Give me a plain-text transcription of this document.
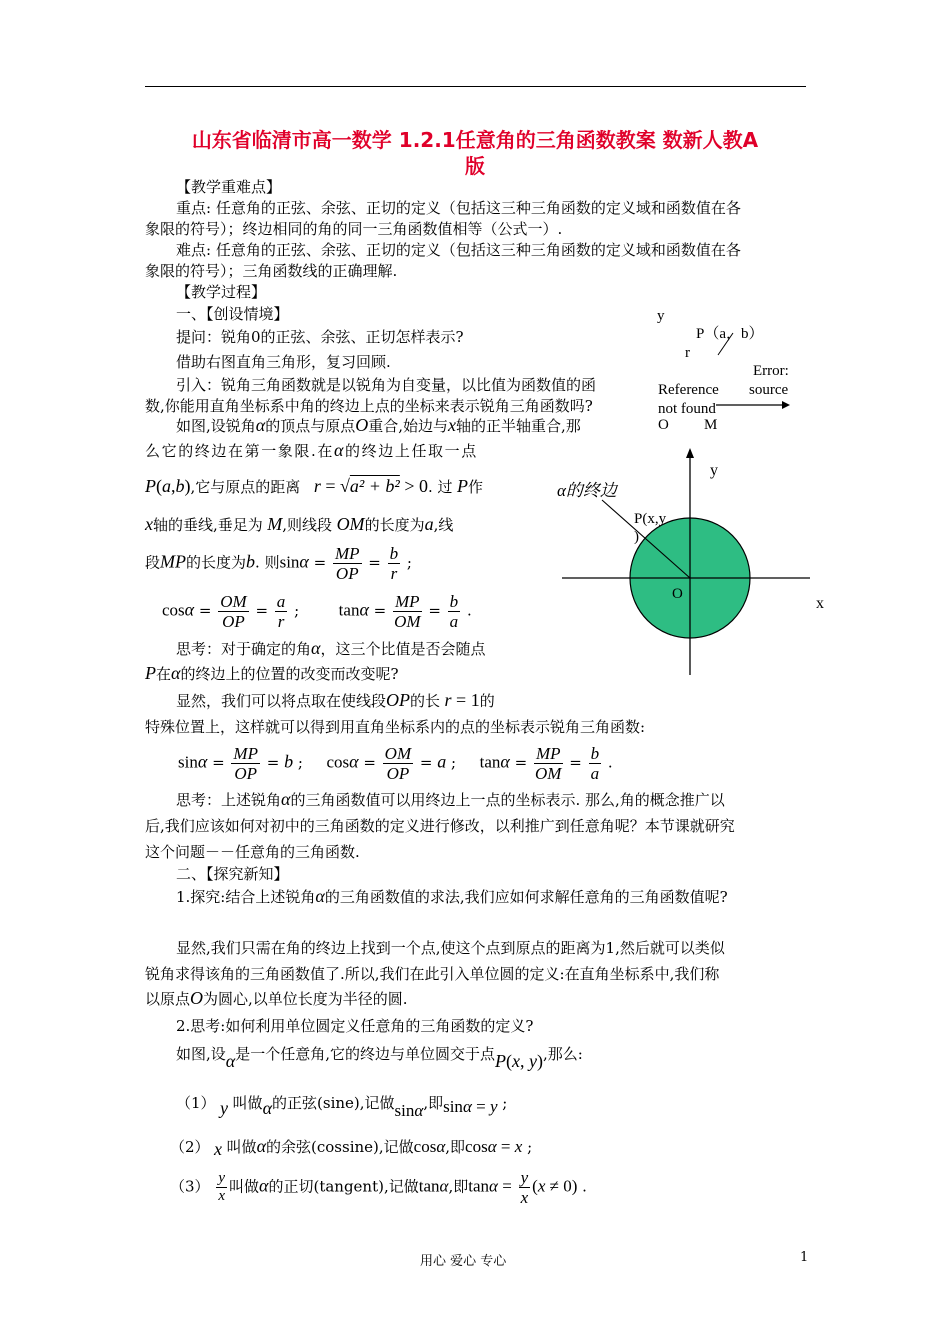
山东省临清市高一数学 1.2.1任意角的三角函数教案 数新人教A
版
【教学重难点】
重点: 任意角的正弦、余弦、正切的定义（包括这三种三角函数的定义域和函数值在各
象限的符号）；终边相同的角的同一三角函数值相等（公式一）.
难点: 任意角的正弦、余弦、正切的定义（包括这三种三角函数的定义域和函数值在各
象限的符号）；三角函数线的正确理解.
【教学过程】
一、【创设情境】
提问：锐角0的正弦、余弦、正切怎样表示?
借助右图直角三角形，复习回顾.
引入：锐角三角函数就是以锐角为自变量，以比值为函数值的函
数,你能用直角坐标系中角的终边上点的坐标来表示锐角三角函数吗?
y
P（a，b）
r
Error:
Reference source
not found
O M
如图,设锐角α的顶点与原点O重合,始边与x轴的正半轴重合,那
么它的终边在第一象限.在α的终边上任取一点
P(a,b),它与原点的距离 r = √a² + b² > 0. 过 P作
x轴的垂线,垂足为 M,则线段 OM的长度为a,线
段MP的长度为b. 则$\sin\alpha = \frac{MP}{OP} = \frac{b}{r}$ ;
$\cos\alpha = \frac{OM}{OP} = \frac{a}{r}$ ;  $\tan\alpha = \frac{MP}{OM} = \frac{b}{a}$ .
思考：对于确定的角α，这三个比值是否会随点
P在α的终边上的位置的改变而改变呢?
显然，我们可以将点取在使线段OP的长 r = 1的
特殊位置上，这样就可以得到用直角坐标系内的点的坐标表示锐角三角函数:
$\sin\alpha = \frac{MP}{OP} = b$ ;  $\cos\alpha = \frac{OM}{OP} = a$ ;  $\tan\alpha = \frac{MP}{OM} = \frac{b}{a}$ .
思考：上述锐角α的三角函数值可以用终边上一点的坐标表示. 那么,角的概念推广以
后,我们应该如何对初中的三角函数的定义进行修改，以利推广到任意角呢？本节课就研究
这个问题－－任意角的三角函数.
二、【探究新知】
1.探究:结合上述锐角α的三角函数值的求法,我们应如何求解任意角的三角函数值呢?
显然,我们只需在角的终边上找到一个点,使这个点到原点的距离为1,然后就可以类似
锐角求得该角的三角函数值了.所以,我们在此引入单位圆的定义:在直角坐标系中,我们称
以原点O为圆心,以单位长度为半径的圆.
2.思考:如何利用单位圆定义任意角的三角函数的定义?
如图,设α是一个任意角,它的终边与单位圆交于点P(x, y),那么:
（1） y 叫做α的正弦(sine),记做sinα,即sinα = y ;
（2） x 叫做α的余弦(cossine),记做cosα,即cosα = x ;
$(3) \frac{y}{x}$ 叫做α的正切(tangent),记做tanα,即$\tan\alpha = \frac{y}{x} (x \ne 0)$ .
y
x
O
α的终边
P(x,y
)
用心 爱心 专心	1
